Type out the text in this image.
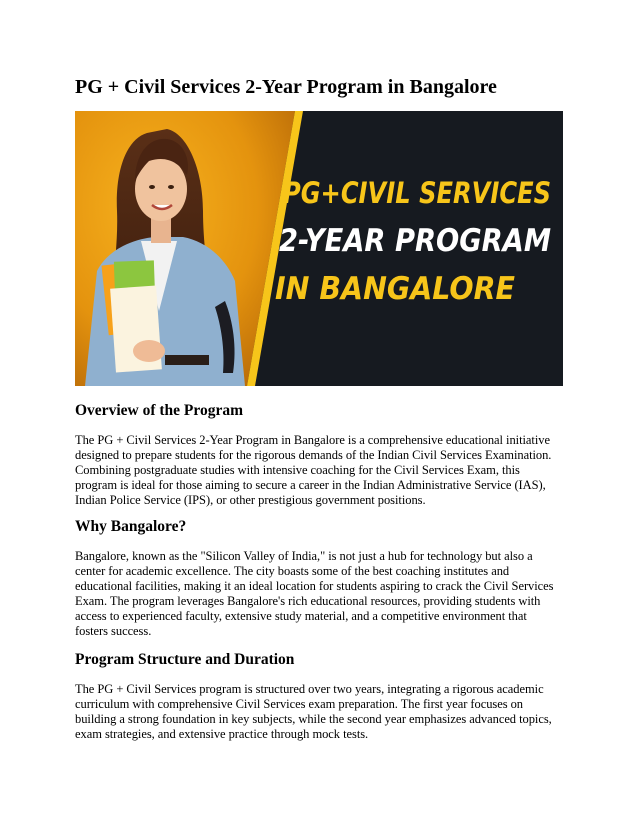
PG + Civil Services 2-Year Program in Bangalore
PG+CIVIL SERVICES
2-YEAR PROGRAM
IN BANGALORE
Overview of the Program

The PG + Civil Services 2-Year Program in Bangalore is a comprehensive educational initiative
designed to prepare students for the rigorous demands of the Indian Civil Services Examination.
Combining postgraduate studies with intensive coaching for the Civil Services Exam, this
program is ideal for those aiming to secure a career in the Indian Administrative Service (IAS),
Indian Police Service (IPS), or other prestigious government positions.

Why Bangalore?

Bangalore, known as the "Silicon Valley of India," is not just a hub for technology but also a
center for academic excellence. The city boasts some of the best coaching institutes and
educational facilities, making it an ideal location for students aspiring to crack the Civil Services
Exam. The program leverages Bangalore's rich educational resources, providing students with
access to experienced faculty, extensive study material, and a competitive environment that
fosters success.

Program Structure and Duration

The PG + Civil Services program is structured over two years, integrating a rigorous academic
curriculum with comprehensive Civil Services exam preparation. The first year focuses on
building a strong foundation in key subjects, while the second year emphasizes advanced topics,
exam strategies, and extensive practice through mock tests.
